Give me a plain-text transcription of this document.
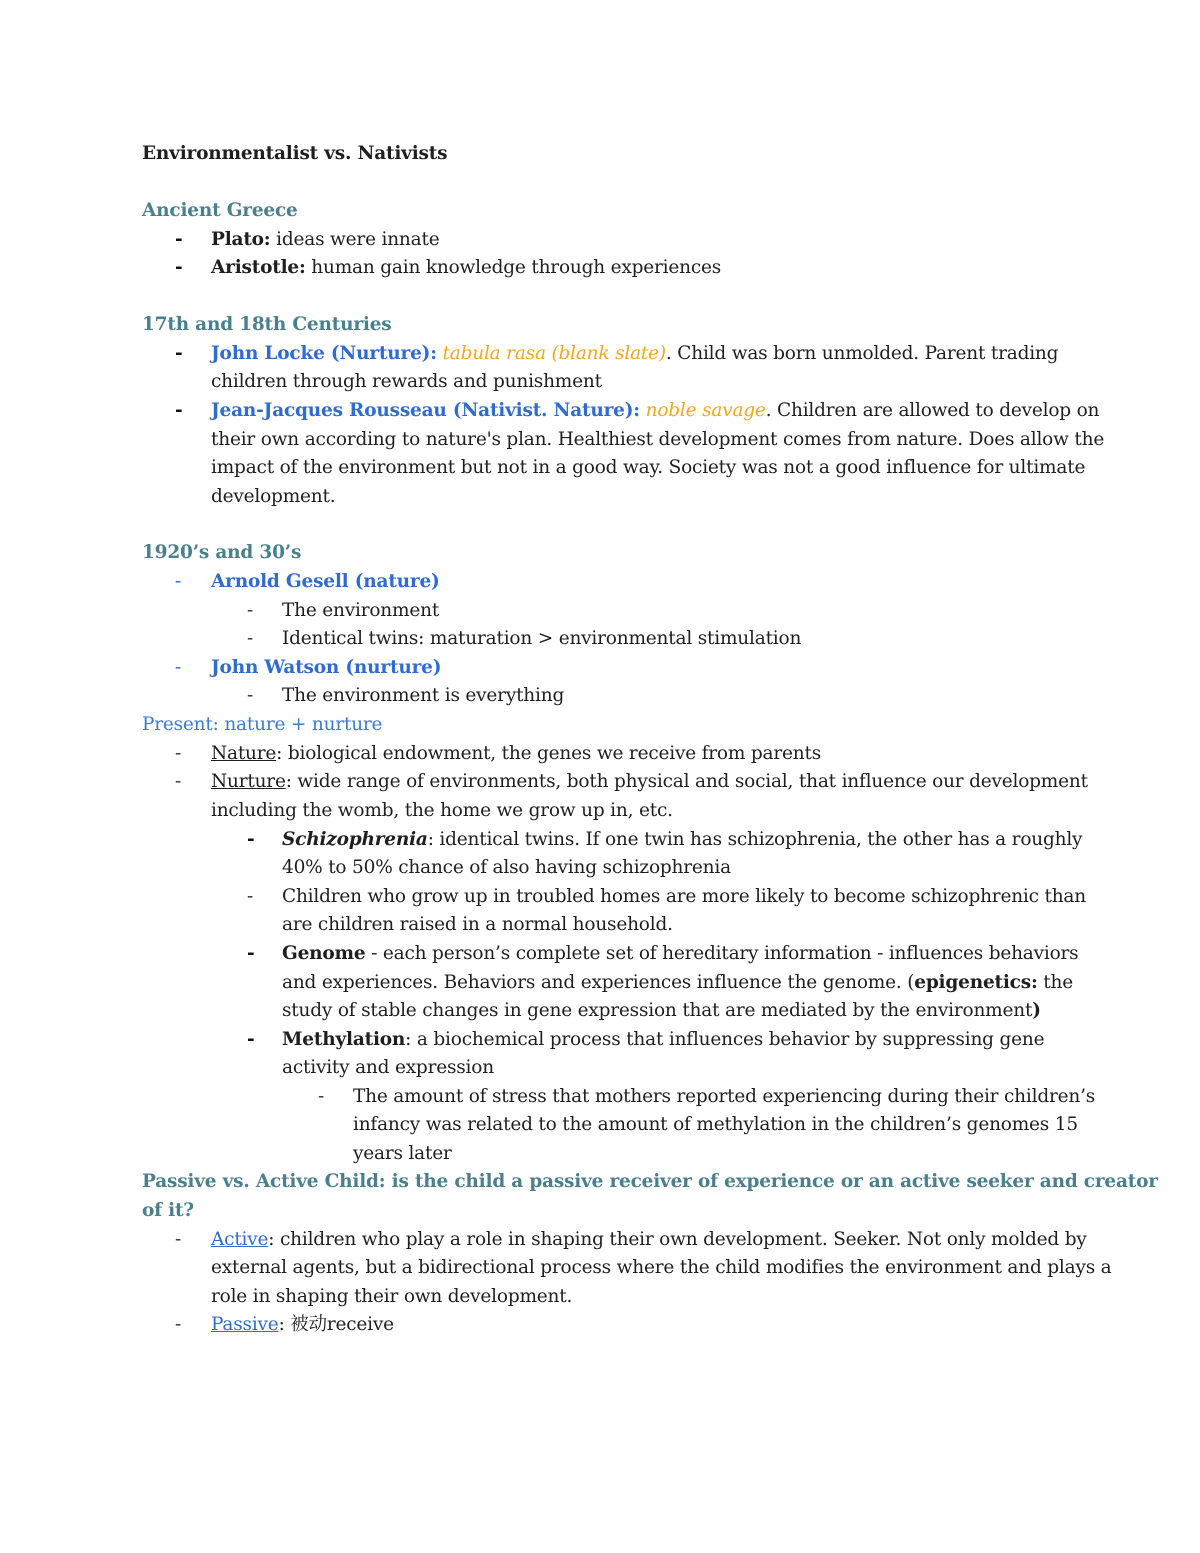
Environmentalist vs. Nativists
Ancient Greece
- Plato: ideas were innate
- Aristotle: human gain knowledge through experiences
17th and 18th Centuries
- John Locke (Nurture): tabula rasa (blank slate). Child was born unmolded. Parent trading
children through rewards and punishment
- Jean-Jacques Rousseau (Nativist. Nature): noble savage. Children are allowed to develop on
their own according to nature's plan. Healthiest development comes from nature. Does allow the
impact of the environment but not in a good way. Society was not a good influence for ultimate
development.
1920’s and 30’s
- Arnold Gesell (nature)
- The environment
- Identical twins: maturation > environmental stimulation
- John Watson (nurture)
- The environment is everything
Present: nature + nurture
- Nature: biological endowment, the genes we receive from parents
- Nurture: wide range of environments, both physical and social, that influence our development
including the womb, the home we grow up in, etc.
- Schizophrenia: identical twins. If one twin has schizophrenia, the other has a roughly
40% to 50% chance of also having schizophrenia
- Children who grow up in troubled homes are more likely to become schizophrenic than
are children raised in a normal household.
- Genome - each person’s complete set of hereditary information - influences behaviors
and experiences. Behaviors and experiences influence the genome. (epigenetics: the
study of stable changes in gene expression that are mediated by the environment)
- Methylation: a biochemical process that influences behavior by suppressing gene
activity and expression
- The amount of stress that mothers reported experiencing during their children’s
infancy was related to the amount of methylation in the children’s genomes 15
years later
Passive vs. Active Child: is the child a passive receiver of experience or an active seeker and creator
of it?
- Active: children who play a role in shaping their own development. Seeker. Not only molded by
external agents, but a bidirectional process where the child modifies the environment and plays a
role in shaping their own development.
- Passive: 被动receive
